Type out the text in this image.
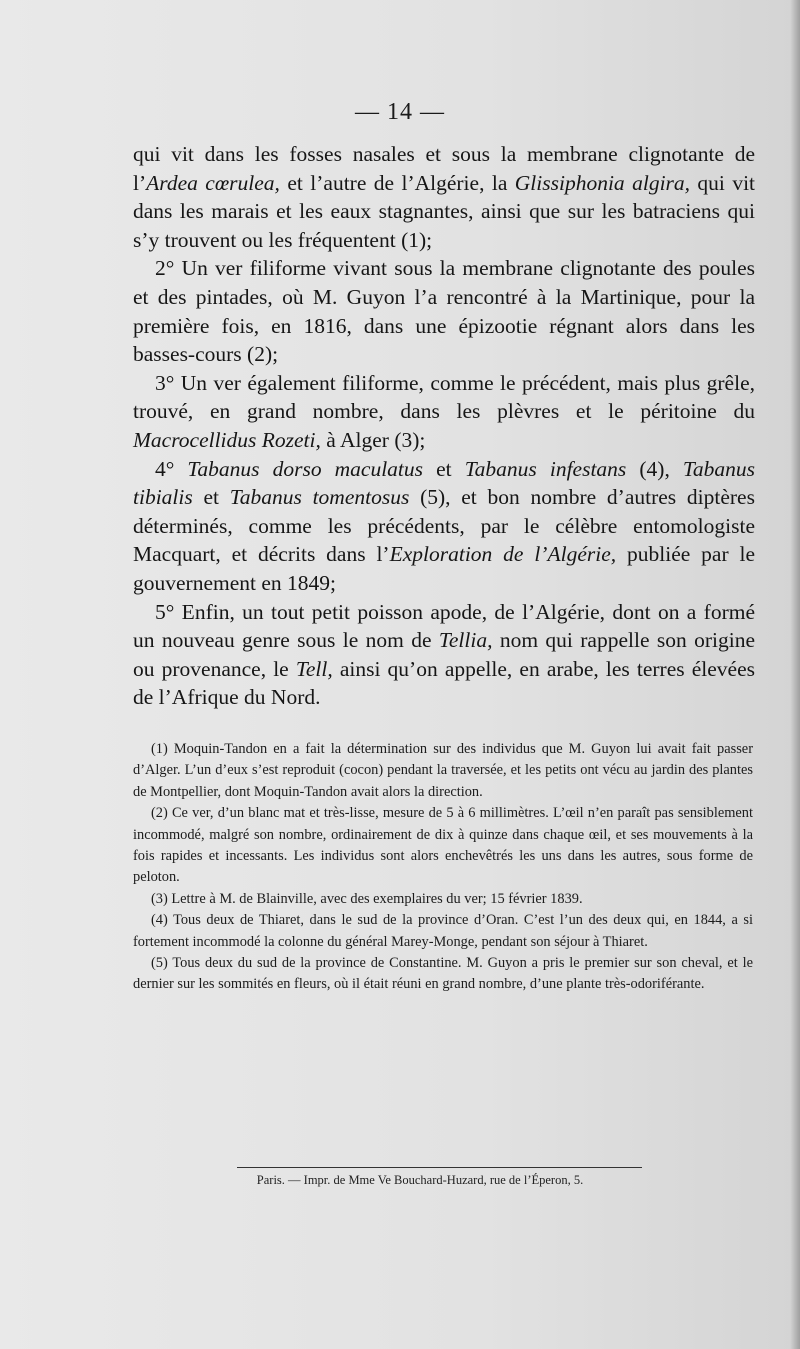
— 14 —

qui vit dans les fosses nasales et sous la membrane clignotante de l’Ardea cœrulea, et l’autre de l’Algérie, la Glissiphonia algira, qui vit dans les marais et les eaux stagnantes, ainsi que sur les batraciens qui s’y trouvent ou les fréquentent (1);

2° Un ver filiforme vivant sous la membrane clignotante des poules et des pintades, où M. Guyon l’a rencontré à la Martinique, pour la première fois, en 1816, dans une épizootie régnant alors dans les basses-cours (2);

3° Un ver également filiforme, comme le précédent, mais plus grêle, trouvé, en grand nombre, dans les plèvres et le péritoine du Macrocellidus Rozeti, à Alger (3);

4° Tabanus dorso maculatus et Tabanus infestans (4), Tabanus tibialis et Tabanus tomentosus (5), et bon nombre d’autres diptères déterminés, comme les précédents, par le célèbre entomologiste Macquart, et décrits dans l’Exploration de l’Algérie, publiée par le gouvernement en 1849;

5° Enfin, un tout petit poisson apode, de l’Algérie, dont on a formé un nouveau genre sous le nom de Tellia, nom qui rappelle son origine ou provenance, le Tell, ainsi qu’on appelle, en arabe, les terres élevées de l’Afrique du Nord.

(1) Moquin-Tandon en a fait la détermination sur des individus que M. Guyon lui avait fait passer d’Alger. L’un d’eux s’est reproduit (cocon) pendant la traversée, et les petits ont vécu au jardin des plantes de Montpellier, dont Moquin-Tandon avait alors la direction.

(2) Ce ver, d’un blanc mat et très-lisse, mesure de 5 à 6 millimètres. L’œil n’en paraît pas sensiblement incommodé, malgré son nombre, ordinairement de dix à quinze dans chaque œil, et ses mouvements à la fois rapides et incessants. Les individus sont alors enchevêtrés les uns dans les autres, sous forme de peloton.

(3) Lettre à M. de Blainville, avec des exemplaires du ver; 15 février 1839.

(4) Tous deux de Thiaret, dans le sud de la province d’Oran. C’est l’un des deux qui, en 1844, a si fortement incommodé la colonne du général Marey-Monge, pendant son séjour à Thiaret.

(5) Tous deux du sud de la province de Constantine. M. Guyon a pris le premier sur son cheval, et le dernier sur les sommités en fleurs, où il était réuni en grand nombre, d’une plante très-odoriférante.

Paris. — Impr. de Mme Ve Bouchard-Huzard, rue de l’Éperon, 5.
